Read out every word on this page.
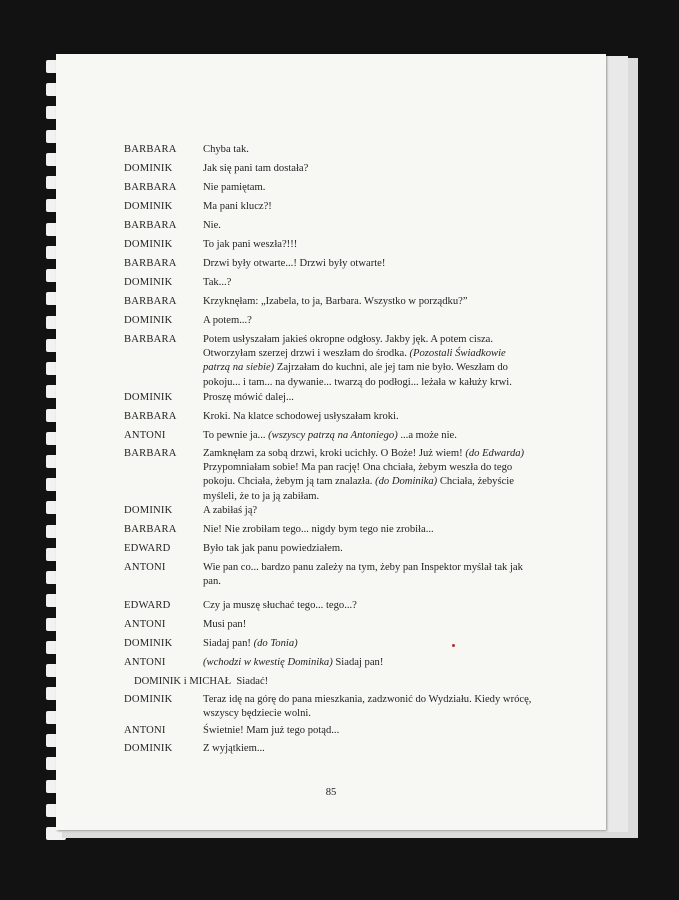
BARBARA	Chyba tak.
DOMINIK	Jak się pani tam dostała?
BARBARA	Nie pamiętam.
DOMINIK	Ma pani klucz?!
BARBARA	Nie.
DOMINIK	To jak pani weszła?!!!
BARBARA	Drzwi były otwarte...! Drzwi były otwarte!
DOMINIK	Tak...?
BARBARA	Krzyknęłam: „Izabela, to ja, Barbara. Wszystko w porządku?”
DOMINIK	A potem...?
BARBARA	Potem usłyszałam jakieś okropne odgłosy. Jakby jęk. A potem cisza. Otworzyłam szerzej drzwi i weszłam do środka. (Pozostali Świadkowie patrzą na siebie) Zajrzałam do kuchni, ale jej tam nie było. Weszłam do pokoju... i tam... na dywanie... twarzą do podłogi... leżała w kałuży krwi.
DOMINIK	Proszę mówić dalej...
BARBARA	Kroki. Na klatce schodowej usłyszałam kroki.
ANTONI	To pewnie ja... (wszyscy patrzą na Antoniego) ...a może nie.
BARBARA	Zamknęłam za sobą drzwi, kroki ucichły. O Boże! Już wiem! (do Edwarda) Przypomniałam sobie! Ma pan rację! Ona chciała, żebym weszła do tego pokoju. Chciała, żebym ją tam znalazła. (do Dominika) Chciała, żebyście myśleli, że to ja ją zabiłam.
DOMINIK	A zabiłaś ją?
BARBARA	Nie! Nie zrobiłam tego... nigdy bym tego nie zrobiła...
EDWARD	Było tak jak panu powiedziałem.
ANTONI	Wie pan co... bardzo panu zależy na tym, żeby pan Inspektor myślał tak jak pan.
EDWARD	Czy ja muszę słuchać tego... tego...?
ANTONI	Musi pan!
DOMINIK	Siadaj pan! (do Tonia)
ANTONI	(wchodzi w kwestię Dominika) Siadaj pan!
DOMINIK i MICHAŁ Siadać!
DOMINIK	Teraz idę na górę do pana mieszkania, zadzwonić do Wydziału. Kiedy wrócę, wszyscy będziecie wolni.
ANTONI	Świetnie! Mam już tego potąd...
DOMINIK	Z wyjątkiem...
85
